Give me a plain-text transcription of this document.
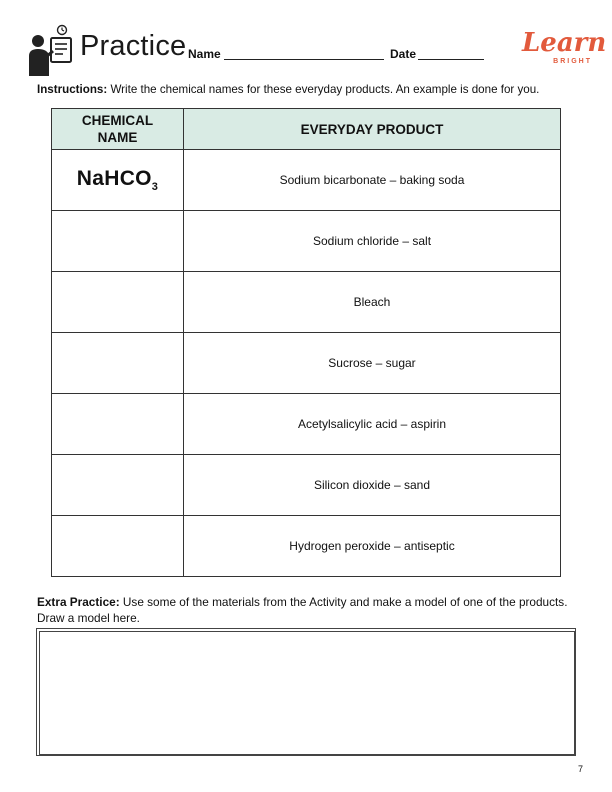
Practice Name	Date	Learn
BRIGHT
Instructions: Write the chemical names for these everyday products. An example is done for you.
CHEMICAL
NAME	EVERYDAY PRODUCT
NaHCO$_3$	Sodium bicarbonate – baking soda
	Sodium chloride – salt
	Bleach
	Sucrose – sugar
	Acetylsalicylic acid – aspirin
	Silicon dioxide – sand
	Hydrogen peroxide – antiseptic
Extra Practice: Use some of the materials from the Activity and make a model of one of the products. Draw a model here.
7
